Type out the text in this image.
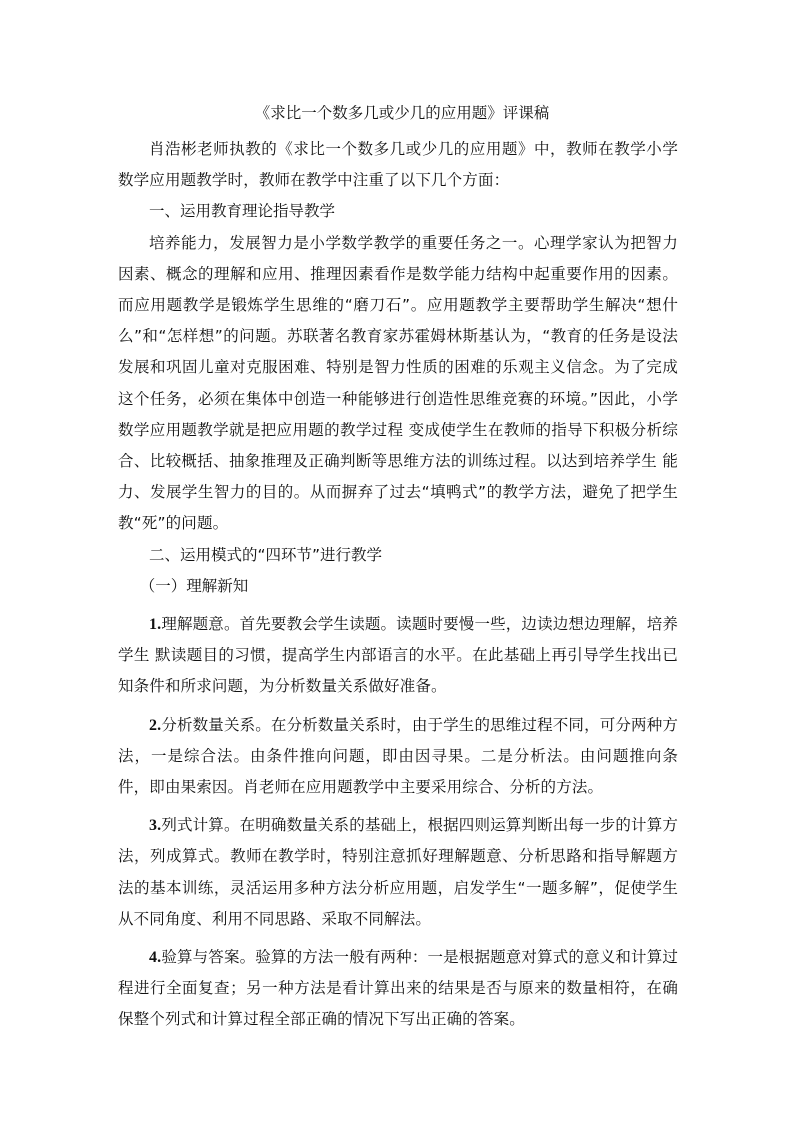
《求比一个数多几或少几的应用题》评课稿

肖浩彬老师执教的《求比一个数多几或少几的应用题》中，教师在教学小学数学应用题教学时，教师在教学中注重了以下几个方面：

一、运用教育理论指导教学

培养能力，发展智力是小学数学教学的重要任务之一。心理学家认为把智力因素、概念的理解和应用、推理因素看作是数学能力结构中起重要作用的因素。而应用题教学是锻炼学生思维的“磨刀石”。应用题教学主要帮助学生解决“想什么”和“怎样想”的问题。苏联著名教育家苏霍姆林斯基认为，“教育的任务是设法发展和巩固儿童对克服困难、特别是智力性质的困难的乐观主义信念。为了完成这个任务，必须在集体中创造一种能够进行创造性思维竞赛的环境。”因此，小学数学应用题教学就是把应用题的教学过程 变成使学生在教师的指导下积极分析综合、比较概括、抽象推理及正确判断等思维方法的训练过程。以达到培养学生 能力、发展学生智力的目的。从而摒弃了过去“填鸭式”的教学方法，避免了把学生教“死”的问题。

二、运用模式的“四环节”进行教学

（一）理解新知

1.理解题意。首先要教会学生读题。读题时要慢一些，边读边想边理解，培养学生 默读题目的习惯，提高学生内部语言的水平。在此基础上再引导学生找出已知条件和所求问题，为分析数量关系做好准备。

2.分析数量关系。在分析数量关系时，由于学生的思维过程不同，可分两种方法，一是综合法。由条件推向问题，即由因寻果。二是分析法。由问题推向条件，即由果索因。肖老师在应用题教学中主要采用综合、分析的方法。

3.列式计算。在明确数量关系的基础上，根据四则运算判断出每一步的计算方法，列成算式。教师在教学时，特别注意抓好理解题意、分析思路和指导解题方法的基本训练，灵活运用多种方法分析应用题，启发学生“一题多解”，促使学生从不同角度、利用不同思路、采取不同解法。

4.验算与答案。验算的方法一般有两种：一是根据题意对算式的意义和计算过程进行全面复查；另一种方法是看计算出来的结果是否与原来的数量相符，在确保整个列式和计算过程全部正确的情况下写出正确的答案。
